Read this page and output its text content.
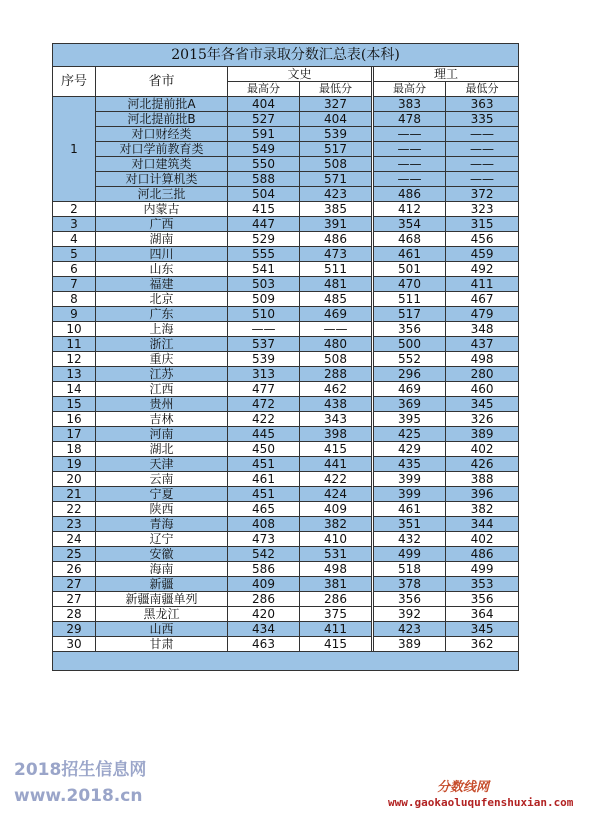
2015年各省市录取分数汇总表(本科)						
序号	省市	文史			理工	
		最高分	最低分		最高分	最低分
1	河北提前批A	404	327		383	363
	河北提前批B	527	404		478	335
	对口财经类	591	539		——	——
	对口学前教育类	549	517		——	——
	对口建筑类	550	508		——	——
	对口计算机类	588	571		——	——
	河北三批	504	423		486	372
2	内蒙古	415	385		412	323
3	广西	447	391		354	315
4	湖南	529	486		468	456
5	四川	555	473		461	459
6	山东	541	511		501	492
7	福建	503	481		470	411
8	北京	509	485		511	467
9	广东	510	469		517	479
10	上海	——	——		356	348
11	浙江	537	480		500	437
12	重庆	539	508		552	498
13	江苏	313	288		296	280
14	江西	477	462		469	460
15	贵州	472	438		369	345
16	吉林	422	343		395	326
17	河南	445	398		425	389
18	湖北	450	415		429	402
19	天津	451	441		435	426
20	云南	461	422		399	388
21	宁夏	451	424		399	396
22	陕西	465	409		461	382
23	青海	408	382		351	344
24	辽宁	473	410		432	402
25	安徽	542	531		499	486
26	海南	586	498		518	499
27	新疆	409	381		378	353
27	新疆南疆单列	286	286		356	356
28	黑龙江	420	375		392	364
29	山西	434	411		423	345
30	甘肃	463	415		389	362

2018招生信息网
www.2018.cn	分数线网
www.gaokaoluqufenshuxian.com
